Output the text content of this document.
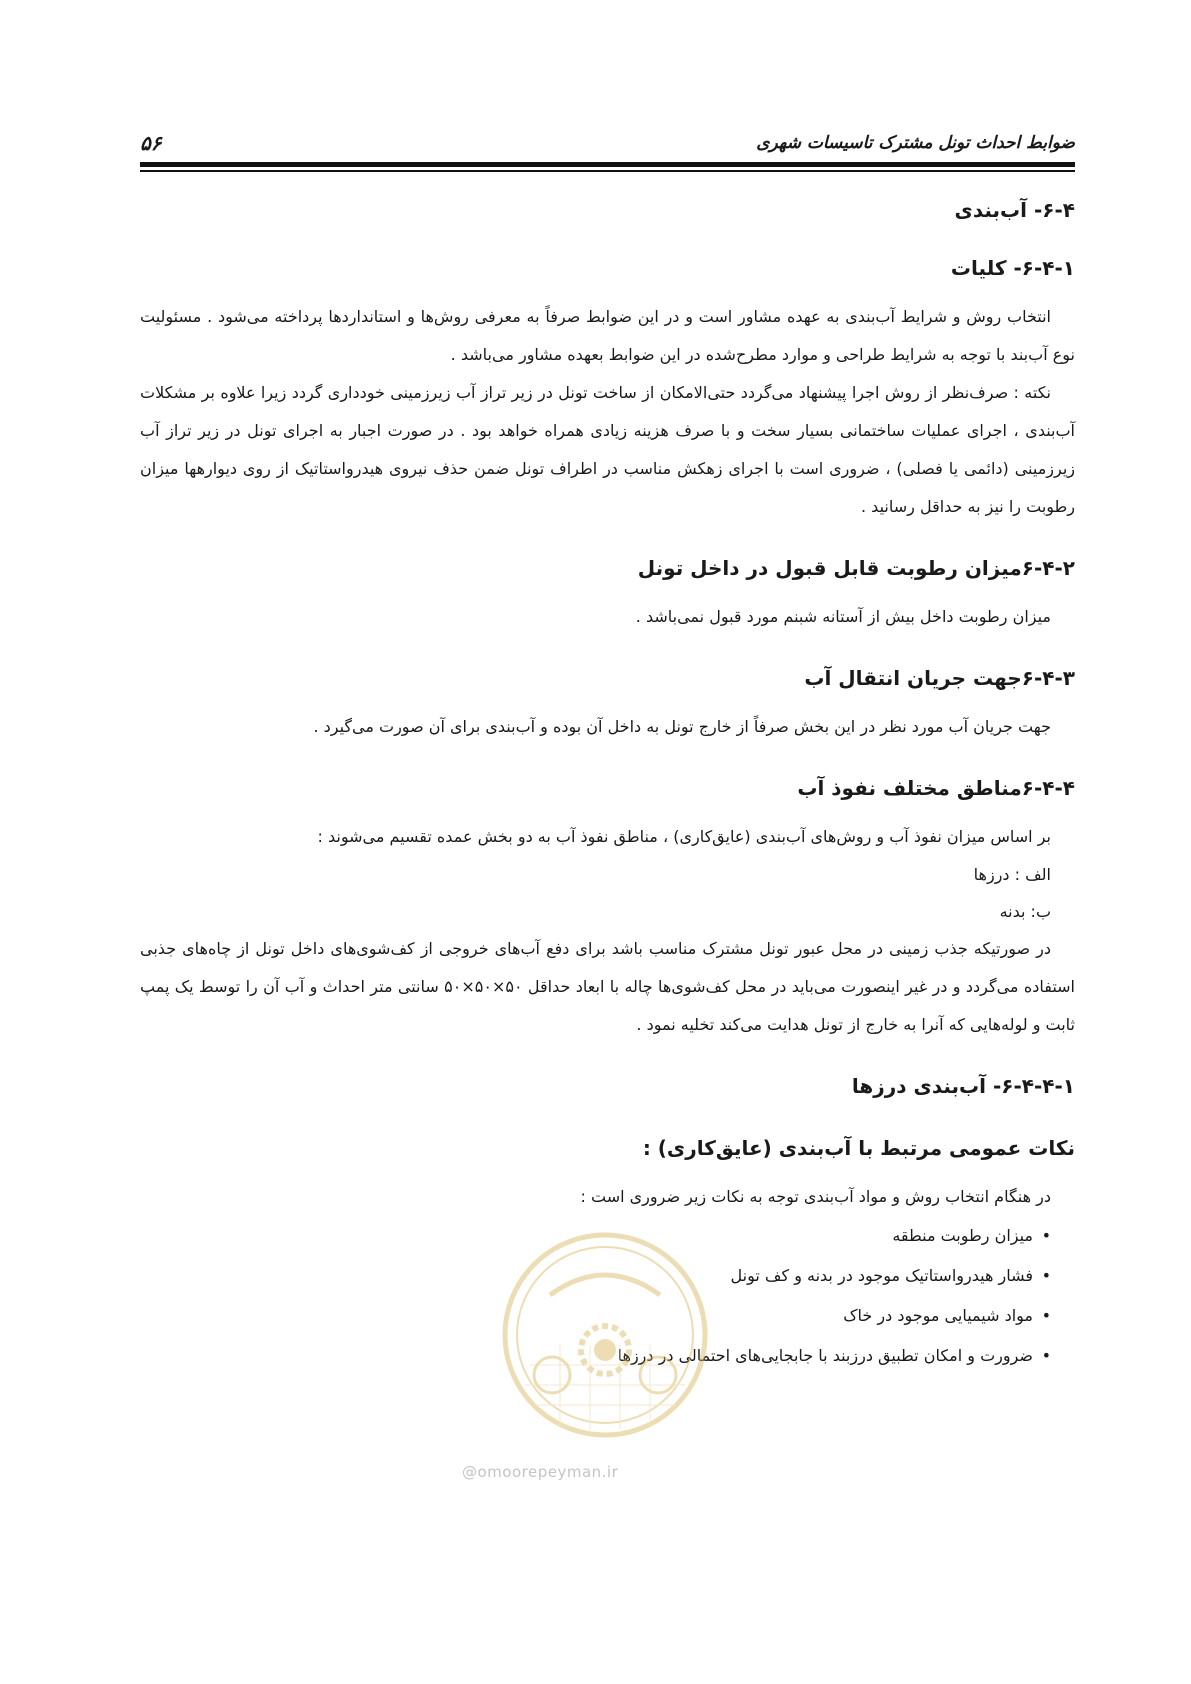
۵۶	ضوابط احداث تونل مشترک تاسیسات شهری
۶-۴- آب‌بندی
۶-۴-۱- کلیات

انتخاب روش و شرایط آب‌بندی به عهده مشاور است و در این ضوابط صرفاً به معرفی روش‌ها و استانداردها پرداخته می‌شود . مسئولیت نوع آب‌بند با توجه به شرایط طراحی و موارد مطرح‌شده در این ضوابط بعهده مشاور می‌باشد .

نکته : صرف‌نظر از روش اجرا پیشنهاد می‌گردد حتی‌الامکان از ساخت تونل در زیر تراز آب زیرزمینی خودداری گردد زیرا علاوه بر مشکلات آب‌بندی ، اجرای عملیات ساختمانی بسیار سخت و با صرف هزینه زیادی همراه خواهد بود . در صورت اجبار به اجرای تونل در زیر تراز آب زیرزمینی (دائمی یا فصلی) ، ضروری است با اجرای زهکش مناسب در اطراف تونل ضمن حذف نیروی هیدرواستاتیک از روی دیوارهها میزان رطوبت را نیز به حداقل رسانید .

۶-۴-۲میزان رطوبت قابل قبول در داخل تونل

میزان رطوبت داخل بیش از آستانه شبنم مورد قبول نمی‌باشد .

۶-۴-۳جهت جریان انتقال آب

جهت جریان آب مورد نظر در این بخش صرفاً از خارج تونل به داخل آن بوده و آب‌بندی برای آن صورت می‌گیرد .

۶-۴-۴مناطق مختلف نفوذ آب

بر اساس میزان نفوذ آب و روش‌های آب‌بندی (عایق‌کاری) ، مناطق نفوذ آب به دو بخش عمده تقسیم می‌شوند :

الف : درزها

ب: بدنه

در صورتیکه جذب زمینی در محل عبور تونل مشترک مناسب باشد برای دفع آب‌های خروجی از کف‌شوی‌های داخل تونل از چاه‌های جذبی استفاده می‌گردد و در غیر اینصورت می‌باید در محل کف‌شوی‌ها چاله با ابعاد حداقل ۵۰×۵۰×۵۰ سانتی متر احداث و آب آن را توسط یک پمپ ثابت و لوله‌هایی که آنرا به خارج از تونل هدایت می‌کند تخلیه نمود .

۶-۴-۴-۱- آب‌بندی درزها
نکات عمومی مرتبط با آب‌بندی (عایق‌کاری) :

در هنگام انتخاب روش و مواد آب‌بندی توجه به نکات زیر ضروری است :

• میزان رطوبت منطقه
• فشار هیدرواستاتیک موجود در بدنه و کف تونل
• مواد شیمیایی موجود در خاک
• ضرورت و امکان تطبیق درزبند با جابجایی‌های احتمالی در درزها
@omoorepeyman.ir
